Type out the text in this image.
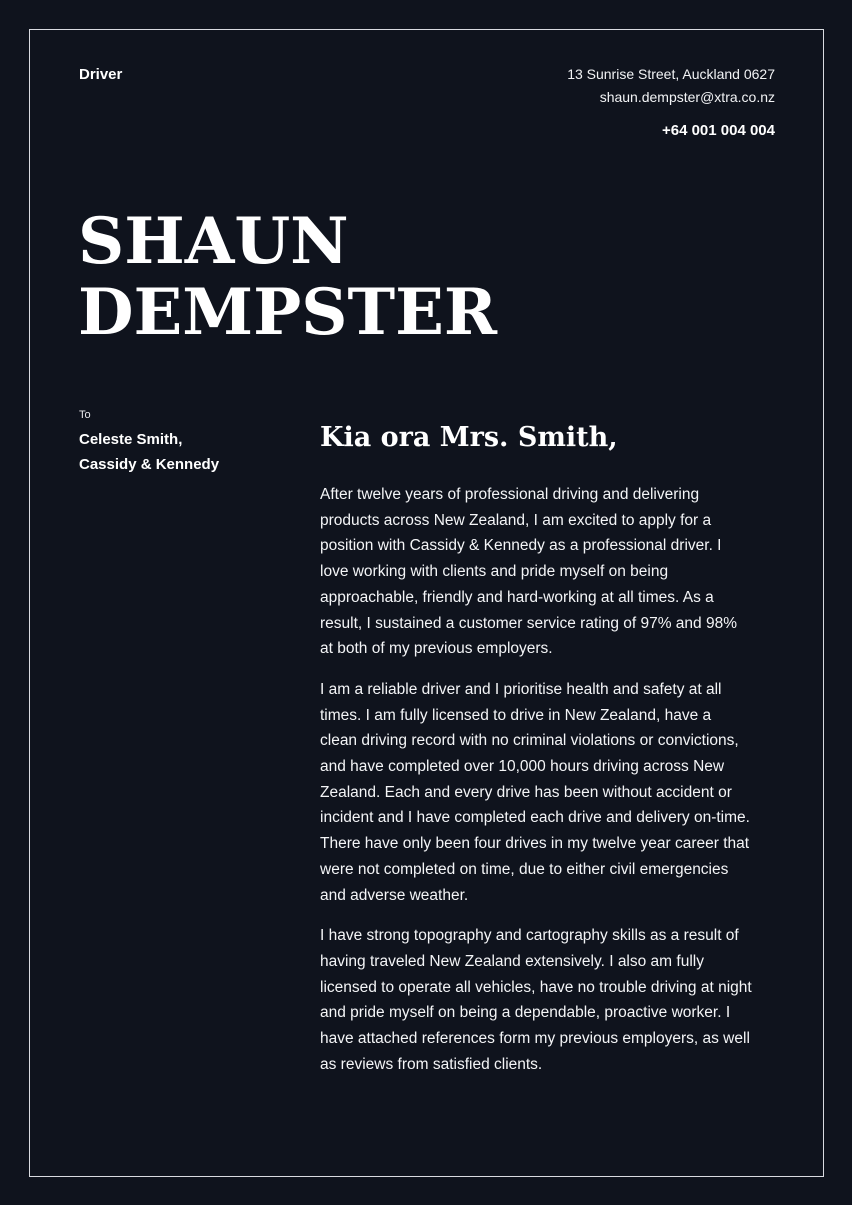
Driver	13 Sunrise Street, Auckland 0627
shaun.dempster@xtra.co.nz
+64 001 004 004
SHAUN
DEMPSTER
To
Celeste Smith,
Cassidy & Kennedy
Kia ora Mrs. Smith,

After twelve years of professional driving and delivering products across New Zealand, I am excited to apply for a position with Cassidy & Kennedy as a professional driver. I love working with clients and pride myself on being approachable, friendly and hard-working at all times. As a result, I sustained a customer service rating of 97% and 98% at both of my previous employers.

I am a reliable driver and I prioritise health and safety at all times. I am fully licensed to drive in New Zealand, have a clean driving record with no criminal violations or convictions, and have completed over 10,000 hours driving across New Zealand. Each and every drive has been without accident or incident and I have completed each drive and delivery on-time. There have only been four drives in my twelve year career that were not completed on time, due to either civil emergencies and adverse weather.

I have strong topography and cartography skills as a result of having traveled New Zealand extensively. I also am fully licensed to operate all vehicles, have no trouble driving at night and pride myself on being a dependable, proactive worker. I have attached references form my previous employers, as well as reviews from satisfied clients.
